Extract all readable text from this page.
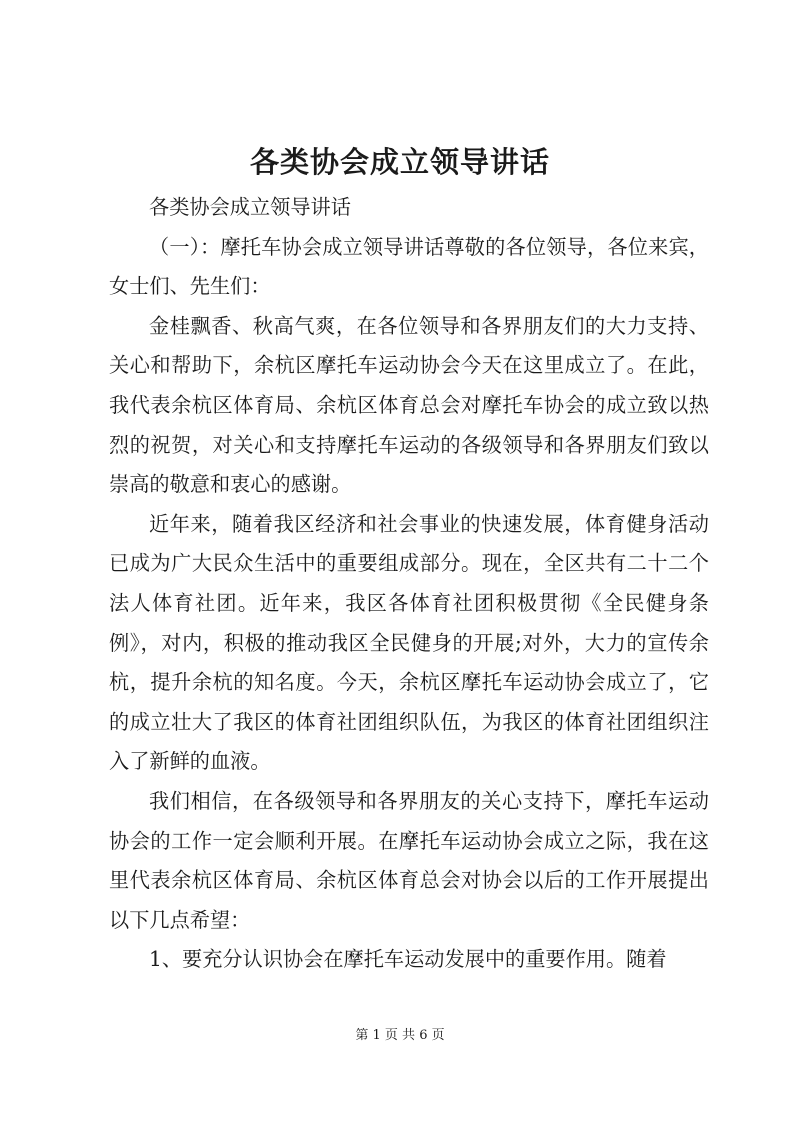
各类协会成立领导讲话

各类协会成立领导讲话

（一）：摩托车协会成立领导讲话尊敬的各位领导，各位来宾，女士们、先生们：

金桂飘香、秋高气爽，在各位领导和各界朋友们的大力支持、关心和帮助下，余杭区摩托车运动协会今天在这里成立了。在此，我代表余杭区体育局、余杭区体育总会对摩托车协会的成立致以热烈的祝贺，对关心和支持摩托车运动的各级领导和各界朋友们致以崇高的敬意和衷心的感谢。

近年来，随着我区经济和社会事业的快速发展，体育健身活动已成为广大民众生活中的重要组成部分。现在，全区共有二十二个法人体育社团。近年来，我区各体育社团积极贯彻《全民健身条例》，对内，积极的推动我区全民健身的开展;对外，大力的宣传余杭，提升余杭的知名度。今天，余杭区摩托车运动协会成立了，它的成立壮大了我区的体育社团组织队伍，为我区的体育社团组织注入了新鲜的血液。

我们相信，在各级领导和各界朋友的关心支持下，摩托车运动协会的工作一定会顺利开展。在摩托车运动协会成立之际，我在这里代表余杭区体育局、余杭区体育总会对协会以后的工作开展提出以下几点希望：

1、要充分认识协会在摩托车运动发展中的重要作用。随着

第 1 页 共 6 页
